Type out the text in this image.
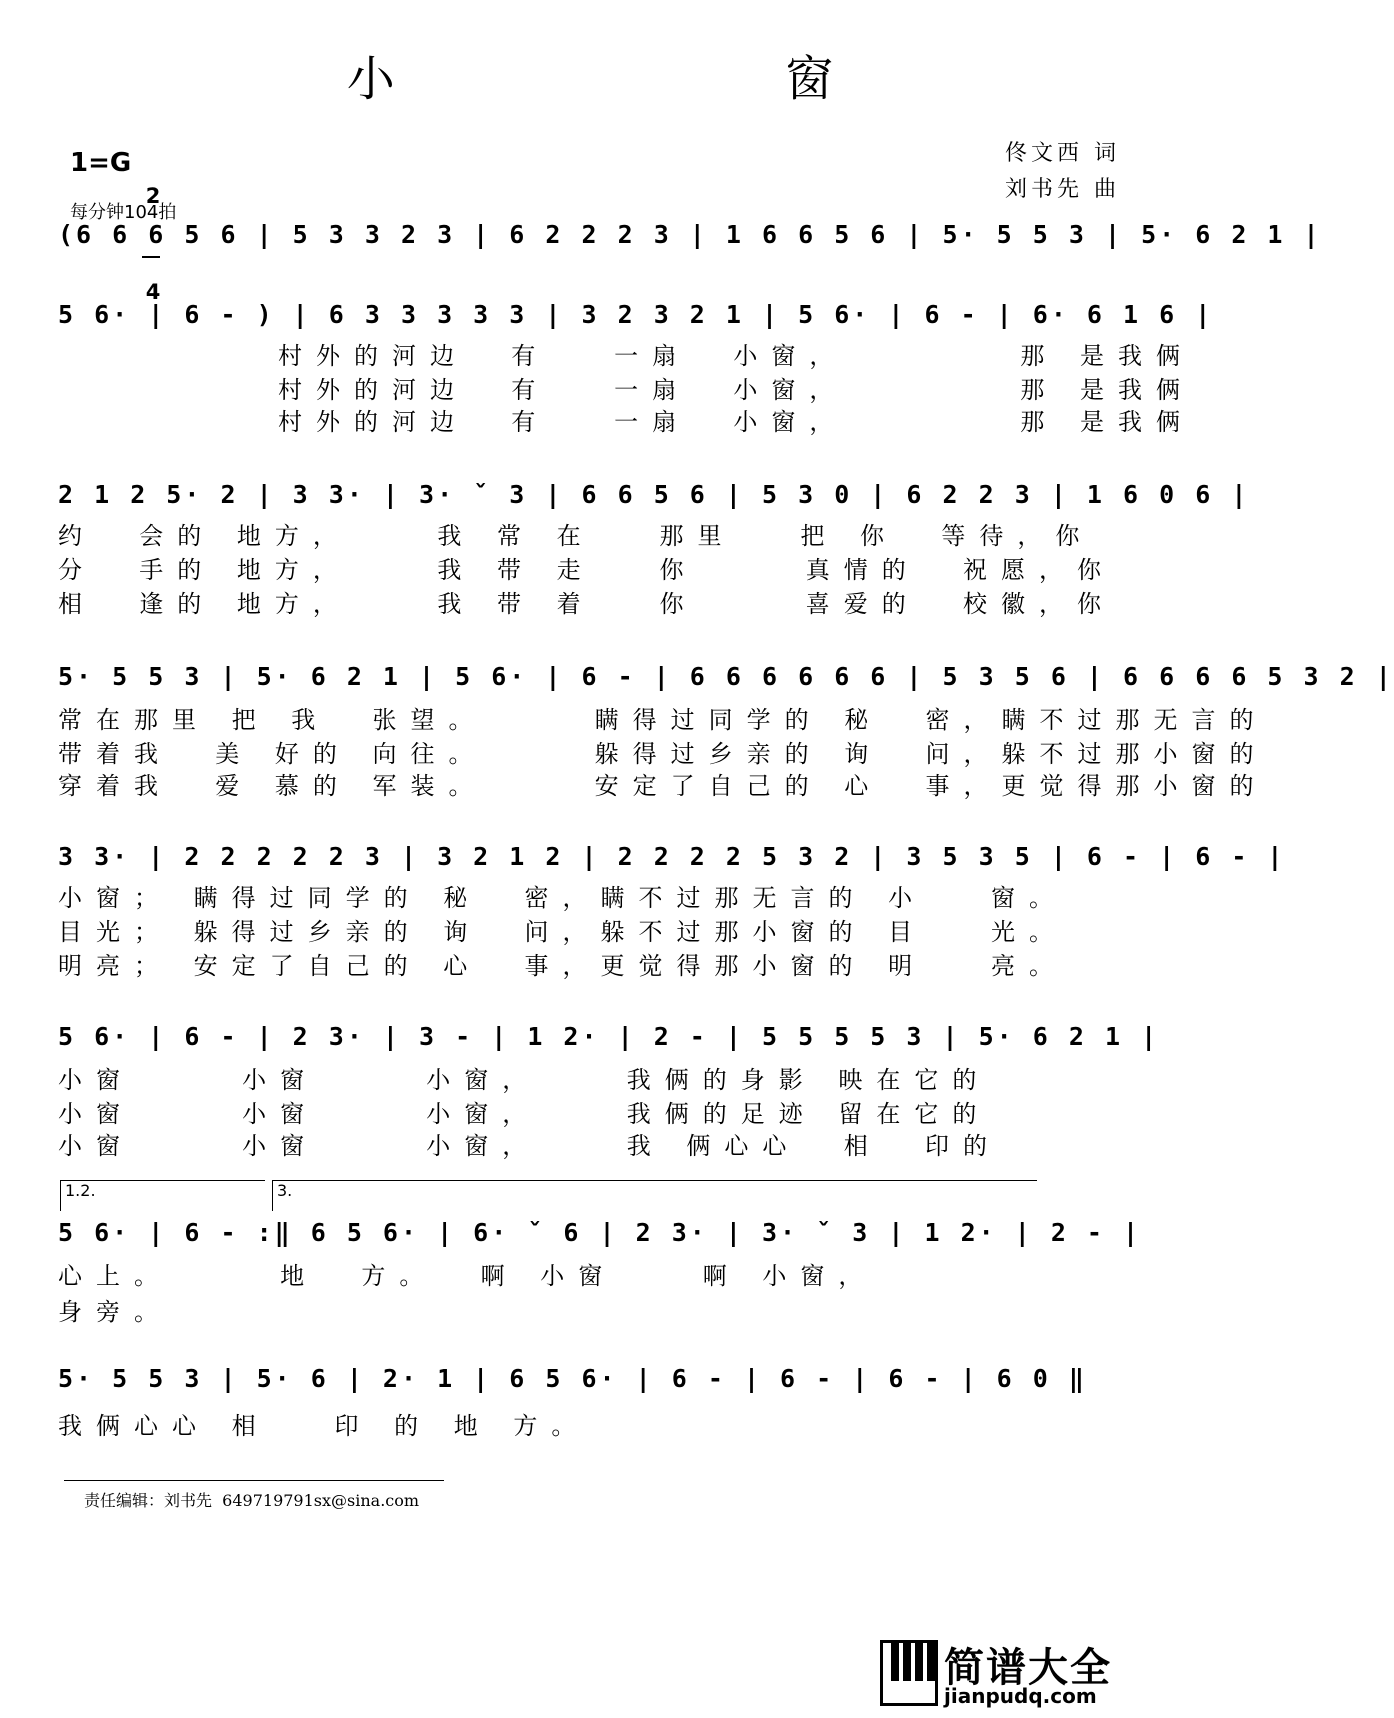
小  窗
1=G

2

4

每分钟104拍
佟文西 词
刘书先 曲
(6 6 6 5 6 | 5 3 3 2 3 | 6 2 2 2 3 | 1 6 6 5 6 | 5· 5 5 3 | 5· 6 2 1 |
5 6· | 6 - ) | 6 3 3 3 3 3 | 3 2 3 2 1 | 5 6· | 6 - | 6· 6 1 6 |
村外的河边  有   一扇  小窗，        那 是我俩
村外的河边  有   一扇  小窗，        那 是我俩
村外的河边  有   一扇  小窗，        那 是我俩
2 1 2 5· 2 | 3 3· | 3· ˇ 3 | 6 6 5 6 | 5 3 0 | 6 2 2 3 | 1 6 0 6 |
约  会的 地方，    我 常 在   那里   把 你  等待，你
分  手的 地方，    我 带 走   你     真情的  祝愿，你
相  逢的 地方，    我 带 着   你     喜爱的  校徽，你
5· 5 5 3 | 5· 6 2 1 | 5 6· | 6 - | 6 6 6 6 6 6 | 5 3 5 6 | 6 6 6 6 5 3 2 |
常在那里 把 我  张望。     瞒得过同学的 秘  密，瞒不过那无言的
带着我  美 好的 向往。     躲得过乡亲的 询  问，躲不过那小窗的
穿着我  爱 慕的 军装。     安定了自己的 心  事，更觉得那小窗的
3 3· | 2 2 2 2 2 3 | 3 2 1 2 | 2 2 2 2 5 3 2 | 3 5 3 5 | 6 - | 6 - |
小窗； 瞒得过同学的 秘  密，瞒不过那无言的 小   窗。
目光； 躲得过乡亲的 询  问，躲不过那小窗的 目   光。
明亮； 安定了自己的 心  事，更觉得那小窗的 明   亮。
5 6· | 6 - | 2 3· | 3 - | 1 2· | 2 - | 5 5 5 5 3 | 5· 6 2 1 |
小窗     小窗     小窗，    我俩的身影 映在它的
小窗     小窗     小窗，    我俩的足迹 留在它的
小窗     小窗     小窗，    我 俩心心  相  印的
1.2.	3.
5 6· | 6 - :‖ 6 5 6· | 6· ˇ 6 | 2 3· | 3· ˇ 3 | 1 2· | 2 - |
心上。     地  方。  啊 小窗    啊 小窗，
身旁。
5· 5 5 3 | 5· 6 | 2· 1 | 6 5 6· | 6 - | 6 - | 6 - | 6 0 ‖
我俩心心 相   印 的 地 方。
责任编辑：刘书先  649719791sx@sina.com

简谱大全

jianpudq.com
